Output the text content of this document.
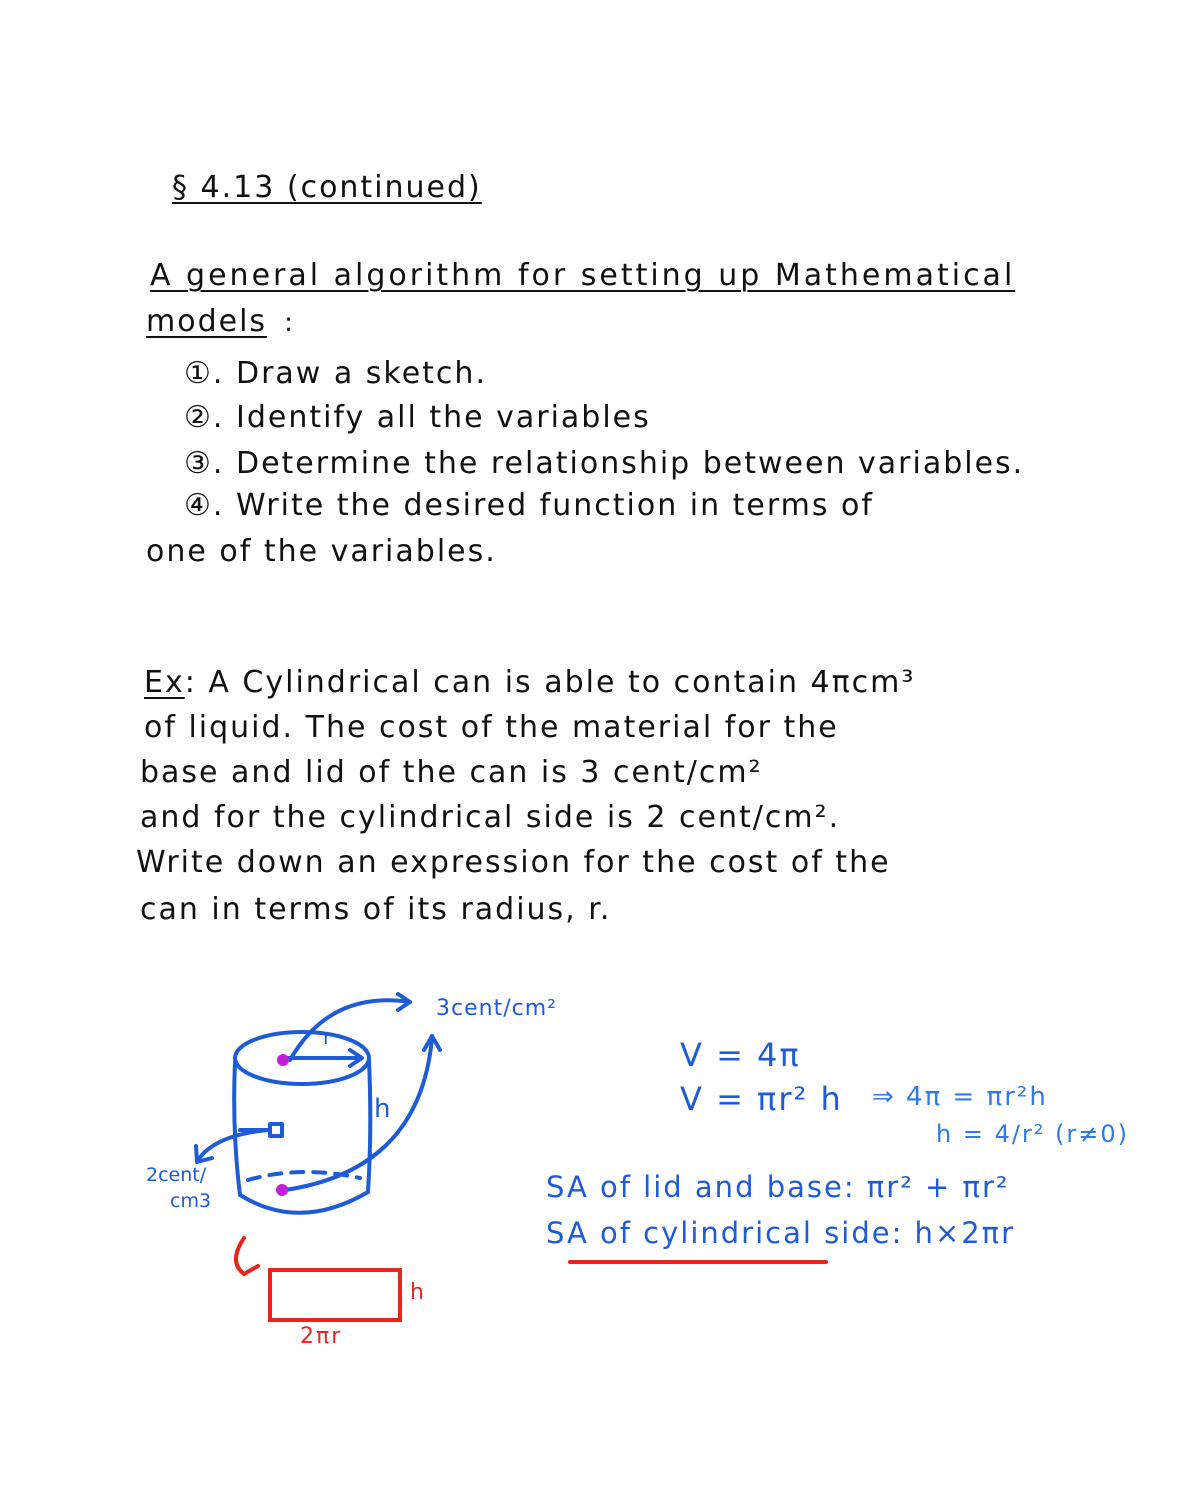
§ 4.13 (continued)
A general algorithm for setting up Mathematical
models :
①. Draw a sketch.
②. Identify all the variables
③. Determine the relationship between variables.
④. Write the desired function in terms of
one of the variables.
Ex: A Cylindrical can is able to contain 4πcm³
of liquid. The cost of the material for the
base and lid of the can is 3 cent/cm²
and for the cylindrical side is 2 cent/cm².
Write down an expression for the cost of the
can in terms of its radius, r.
3cent/cm²
2cent/
cm3
r
h
h
2πr
V = 4π
V = πr² h ⇒ 4π = πr²h
h = 4/r² (r≠0)
SA of lid and base: πr² + πr²
SA of cylindrical side: h×2πr
